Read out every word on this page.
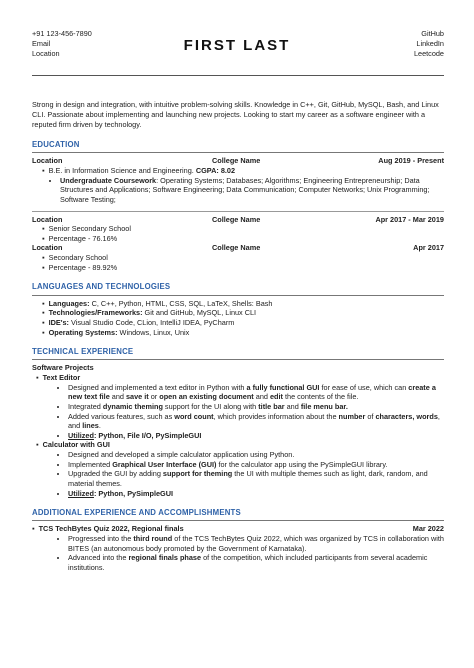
+91 123-456-7890
Email
Location	FIRST LAST
GitHub
LinkedIn
Leetcode
Strong in design and integration, with intuitive problem-solving skills. Knowledge in C++, Git, GitHub, MySQL, Bash, and Linux CLI. Passionate about implementing and launching new projects. Looking to start my career as a software engineer with a reputed firm driven by technology.
EDUCATION
Location	College Name	Aug 2019 - Present
▪ B.E. in Information Science and Engineering. CGPA: 8.02
• Undergraduate Coursework: Operating Systems; Databases; Algorithms; Engineering Entrepreneurship; Data Structures and Applications; Software Engineering; Data Communication; Computer Networks; Unix Programming; Software Testing;
Location	College Name	Apr 2017 - Mar 2019
▪ Senior Secondary School
▪ Percentage - 76.16%
Location	College Name	Apr 2017
▪ Secondary School
▪ Percentage - 89.92%
LANGUAGES AND TECHNOLOGIES
▪ Languages: C, C++, Python, HTML, CSS, SQL, LaTeX, Shells: Bash
▪ Technologies/Frameworks: Git and GitHub, MySQL, Linux CLI
▪ IDE's: Visual Studio Code, CLion, IntelliJ IDEA, PyCharm
▪ Operating Systems: Windows, Linux, Unix
TECHNICAL EXPERIENCE
Software Projects
▪ Text Editor
• Designed and implemented a text editor in Python with a fully functional GUI for ease of use, which can create a new text file and save it or open an existing document and edit the contents of the file.
• Integrated dynamic theming support for the UI along with title bar and file menu bar.
• Added various features, such as word count, which provides information about the number of characters, words, and lines.
• Utilized: Python, File I/O, PySimpleGUI
▪ Calculator with GUI
• Designed and developed a simple calculator application using Python.
• Implemented Graphical User Interface (GUI) for the calculator app using the PySimpleGUI library.
• Upgraded the GUI by adding support for theming the UI with multiple themes such as light, dark, random, and material themes.
• Utilized: Python, PySimpleGUI
ADDITIONAL EXPERIENCE AND ACCOMPLISHMENTS
▪ TCS TechBytes Quiz 2022, Regional finals	Mar 2022
• Progressed into the third round of the TCS TechBytes Quiz 2022, which was organized by TCS in collaboration with BITES (an autonomous body promoted by the Government of Karnataka).
• Advanced into the regional finals phase of the competition, which included participants from several academic institutions.
